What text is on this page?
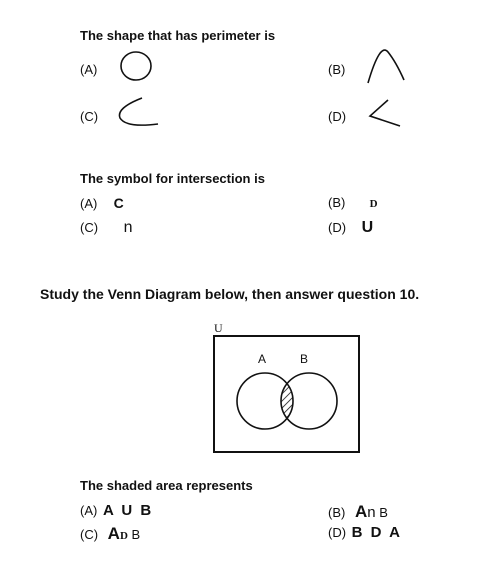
The shape that has perimeter is
(A)	(B)
(C)	(D)
The symbol for intersection is
(A) C	(B) D
(C) n	(D) U
Study the Venn Diagram below, then answer question 10.
U
A	B
The shaded area represents
(A) A U B	(B) An B
(C) AD B	(D) B D A
